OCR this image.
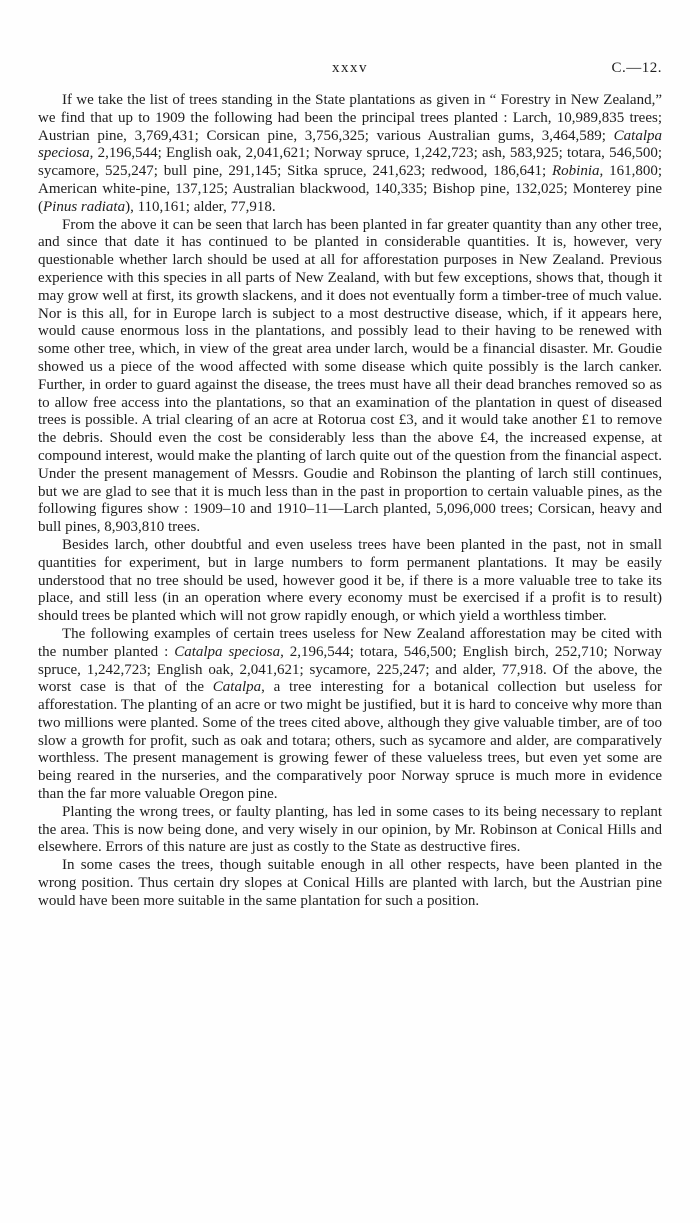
xxxv	C.—12.

If we take the list of trees standing in the State plantations as given in “ Forestry in New Zealand,” we find that up to 1909 the following had been the principal trees planted : Larch, 10,989,835 trees; Austrian pine, 3,769,431; Corsican pine, 3,756,325; various Australian gums, 3,464,589; Catalpa speciosa, 2,196,544; English oak, 2,041,621; Norway spruce, 1,242,723; ash, 583,925; totara, 546,500; sycamore, 525,247; bull pine, 291,145; Sitka spruce, 241,623; redwood, 186,641; Robinia, 161,800; American white-pine, 137,125; Australian blackwood, 140,335; Bishop pine, 132,025; Monterey pine (Pinus radiata), 110,161; alder, 77,918.

From the above it can be seen that larch has been planted in far greater quantity than any other tree, and since that date it has continued to be planted in considerable quantities. It is, however, very questionable whether larch should be used at all for afforestation purposes in New Zealand. Previous experience with this species in all parts of New Zealand, with but few exceptions, shows that, though it may grow well at first, its growth slackens, and it does not eventually form a timber-tree of much value. Nor is this all, for in Europe larch is subject to a most destructive disease, which, if it appears here, would cause enormous loss in the plantations, and possibly lead to their having to be renewed with some other tree, which, in view of the great area under larch, would be a financial disaster. Mr. Goudie showed us a piece of the wood affected with some disease which quite possibly is the larch canker. Further, in order to guard against the disease, the trees must have all their dead branches removed so as to allow free access into the plantations, so that an examination of the plantation in quest of diseased trees is possible. A trial clearing of an acre at Rotorua cost £3, and it would take another £1 to remove the debris. Should even the cost be considerably less than the above £4, the increased expense, at compound interest, would make the planting of larch quite out of the question from the financial aspect. Under the present management of Messrs. Goudie and Robinson the planting of larch still continues, but we are glad to see that it is much less than in the past in proportion to certain valuable pines, as the following figures show : 1909–10 and 1910–11—Larch planted, 5,096,000 trees; Corsican, heavy and bull pines, 8,903,810 trees.

Besides larch, other doubtful and even useless trees have been planted in the past, not in small quantities for experiment, but in large numbers to form permanent plantations. It may be easily understood that no tree should be used, however good it be, if there is a more valuable tree to take its place, and still less (in an operation where every economy must be exercised if a profit is to result) should trees be planted which will not grow rapidly enough, or which yield a worthless timber.

The following examples of certain trees useless for New Zealand afforestation may be cited with the number planted : Catalpa speciosa, 2,196,544; totara, 546,500; English birch, 252,710; Norway spruce, 1,242,723; English oak, 2,041,621; sycamore, 225,247; and alder, 77,918. Of the above, the worst case is that of the Catalpa, a tree interesting for a botanical collection but useless for afforestation. The planting of an acre or two might be justified, but it is hard to conceive why more than two millions were planted. Some of the trees cited above, although they give valuable timber, are of too slow a growth for profit, such as oak and totara; others, such as sycamore and alder, are comparatively worthless. The present management is growing fewer of these valueless trees, but even yet some are being reared in the nurseries, and the comparatively poor Norway spruce is much more in evidence than the far more valuable Oregon pine.

Planting the wrong trees, or faulty planting, has led in some cases to its being necessary to replant the area. This is now being done, and very wisely in our opinion, by Mr. Robinson at Conical Hills and elsewhere. Errors of this nature are just as costly to the State as destructive fires.

In some cases the trees, though suitable enough in all other respects, have been planted in the wrong position. Thus certain dry slopes at Conical Hills are planted with larch, but the Austrian pine would have been more suitable in the same plantation for such a position.
